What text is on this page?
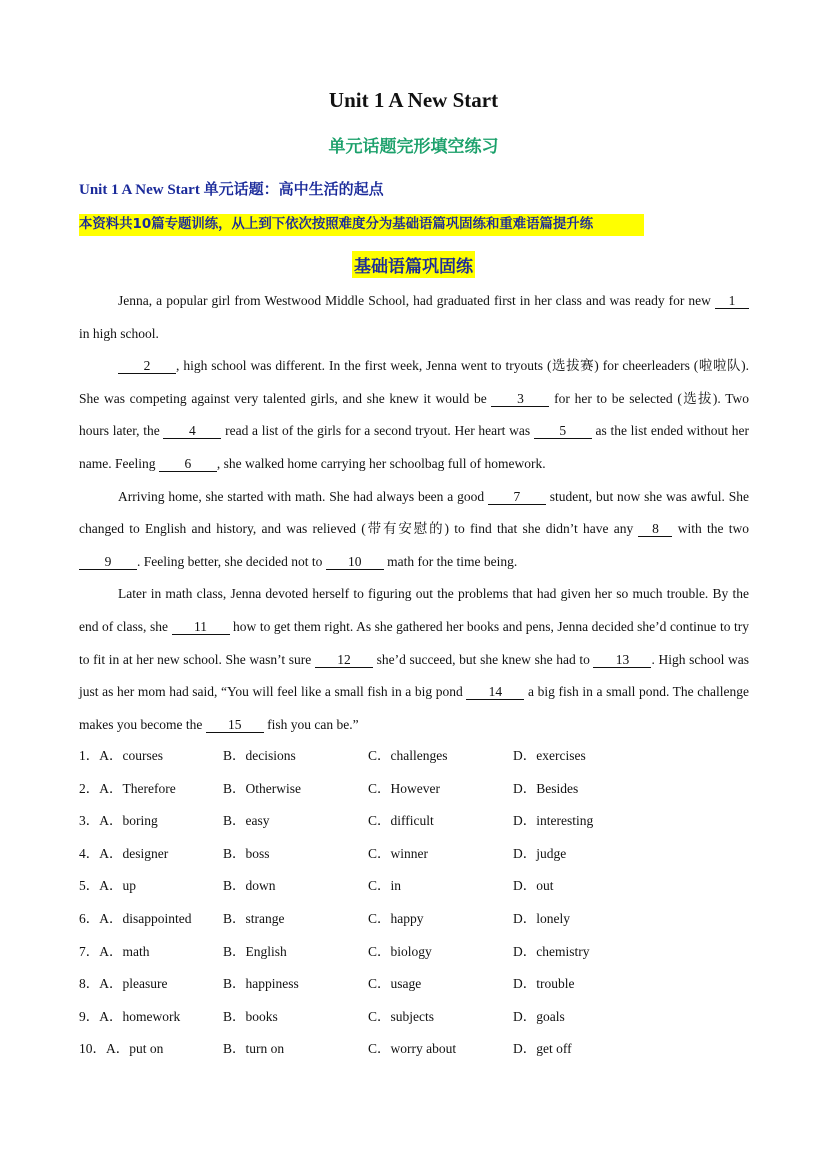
Unit 1 A New Start
单元话题完形填空练习
Unit 1 A New Start 单元话题：高中生活的起点
本资料共10篇专题训练，从上到下依次按照难度分为基础语篇巩固练和重难语篇提升练
基础语篇巩固练

Jenna, a popular girl from Westwood Middle School, had graduated first in her class and was ready for new 1 in high school.

2 , high school was different. In the first week, Jenna went to tryouts (选拔赛) for cheerleaders (啦啦队). She was competing against very talented girls, and she knew it would be 3 for her to be selected (选拔). Two hours later, the 4 read a list of the girls for a second tryout. Her heart was 5 as the list ended without her name. Feeling 6 , she walked home carrying her schoolbag full of homework.

Arriving home, she started with math. She had always been a good 7 student, but now she was awful. She changed to English and history, and was relieved (带有安慰的) to find that she didn’t have any 8 with the two 9 . Feeling better, she decided not to 10 math for the time being.

Later in math class, Jenna devoted herself to figuring out the problems that had given her so much trouble. By the end of class, she 11 how to get them right. As she gathered her books and pens, Jenna decided she’d continue to try to fit in at her new school. She wasn’t sure 12 she’d succeed, but she knew she had to 13 . High school was just as her mom had said, “You will feel like a small fish in a big pond 14 a big fish in a small pond. The challenge makes you become the 15 fish you can be.”

1．A．courses	B．decisions	C．challenges	D．exercises
2．A．Therefore	B．Otherwise	C．However	D．Besides
3．A．boring	B．easy	C．difficult	D．interesting
4．A．designer	B．boss	C．winner	D．judge
5．A．up	B．down	C．in	D．out
6．A．disappointed B．strange	C．happy	D．lonely
7．A．math	B．English	C．biology	D．chemistry
8．A．pleasure	B．happiness	C．usage	D．trouble
9．A．homework	B．books	C．subjects	D．goals
10．A．put on	B．turn on	C．worry about	D．get off
